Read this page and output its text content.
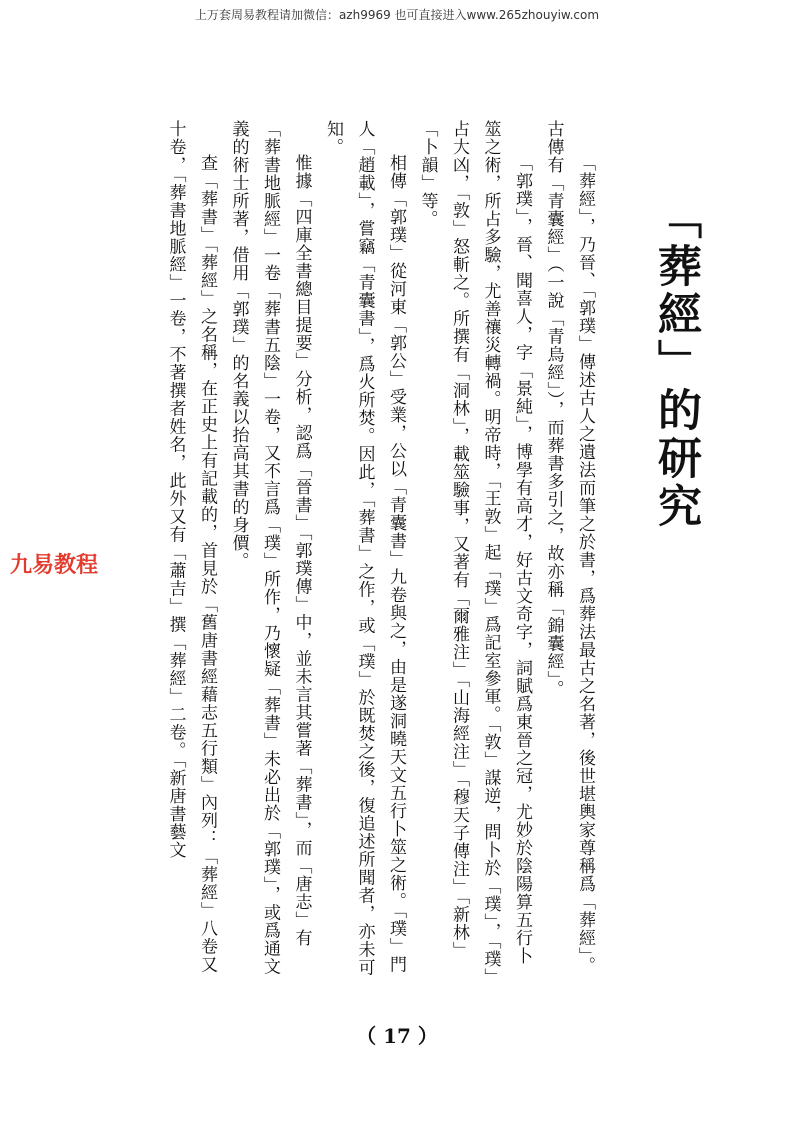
上万套周易教程请加微信：azh9969 也可直接进入www.265zhouyiw.com
「葬經」的研究

「葬經」，乃晉、「郭璞」傳述古人之遺法而筆之於書，爲葬法最古之名著，後世堪輿家尊稱爲「葬經」。古傳有「青囊經」（一說「青烏經」），而葬書多引之，故亦稱「錦囊經」。

「郭璞」，晉、聞喜人，字「景純」，博學有高才，好古文奇字，詞賦爲東晉之冠，尤妙於陰陽算五行卜筮之術，所占多驗，尤善禳災轉禍。明帝時，「王敦」起「璞」爲記室參軍。「敦」謀逆，問卜於「璞」，「璞」占大凶，「敦」怒斬之。所撰有「洞林」，載筮驗事，又著有「爾雅注」「山海經注」「穆天子傳注」「新林」「卜韻」等。

相傳「郭璞」從河東「郭公」受業，公以「青囊書」九卷與之，由是遂洞曉天文五行卜筮之術。「璞」門人「趙載」，嘗竊「青囊書」，爲火所焚。因此，「葬書」之作，或「璞」於既焚之後，復追述所聞者，亦未可知。

惟據「四庫全書總目提要」分析，認爲「晉書」「郭璞傳」中，並未言其嘗著「葬書」，而「唐志」有「葬書地脈經」一卷「葬書五陰」一卷，又不言爲「璞」所作，乃懷疑「葬書」未必出於「郭璞」，或爲通文義的術士所著，借用「郭璞」的名義以抬高其書的身價。

查「葬書」「葬經」之名稱，在正史上有記載的，首見於「舊唐書經藉志五行類」內列：「葬經」八卷又十卷，「葬書地脈經」一卷，不著撰者姓名，此外又有「蕭吉」撰「葬經」二卷。「新唐書藝文

九易教程
（ 17 ）
